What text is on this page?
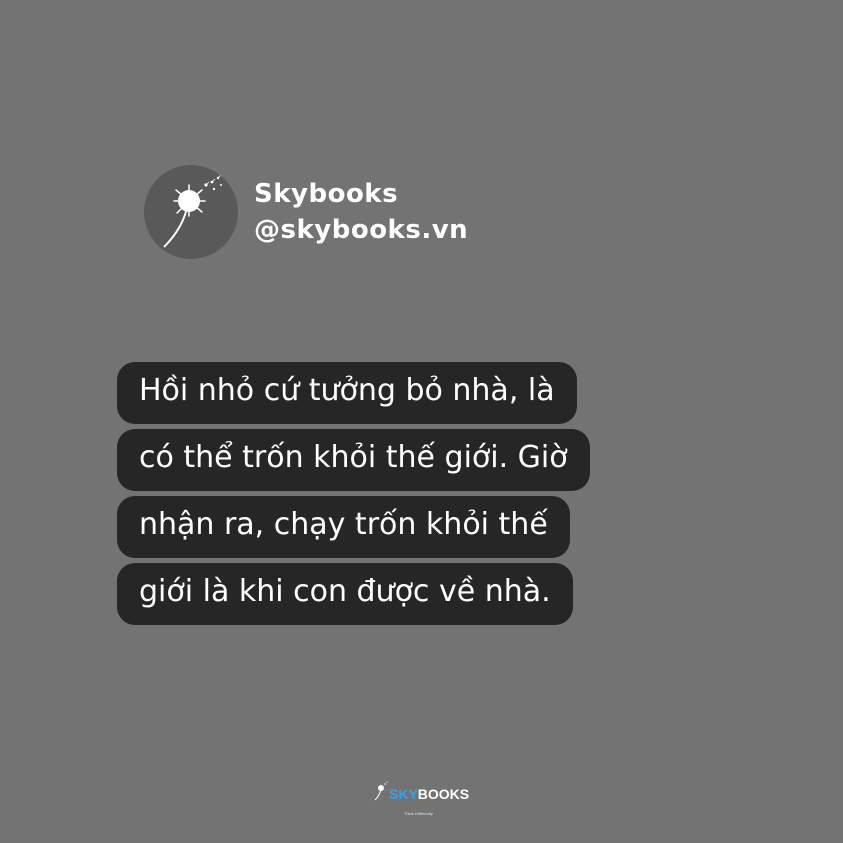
Skybooks
@skybooks.vn
Hồi nhỏ cứ tưởng bỏ nhà, là
có thể trốn khỏi thế giới. Giờ
nhận ra, chạy trốn khỏi thế
giới là khi con được về nhà.
SKY BOOKS
Think Differently
